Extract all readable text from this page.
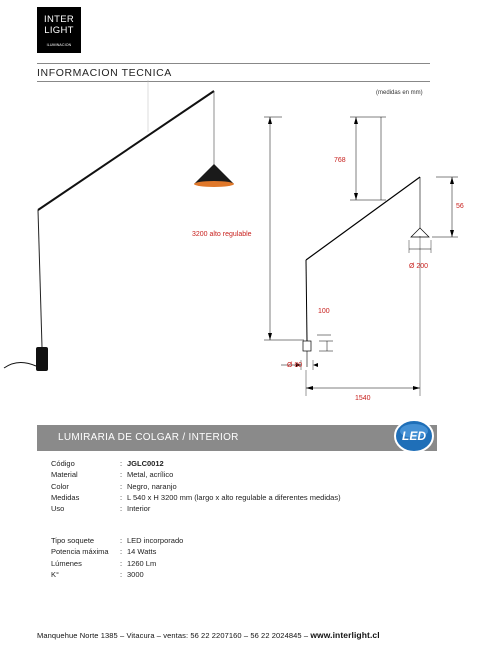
INTER
LIGHT
ILUMINACION
INFORMACION TECNICA
(medidas en mm)
3200 alto regulable
768
56
Ø 200
100
Ø 80
1540
LUMIRARIA DE COLGAR / INTERIOR	LED
Código	: JGLC0012
Material	: Metal, acrílico
Color	: Negro, naranjo
Medidas	: L 540 x H 3200 mm (largo x alto regulable a diferentes medidas)
Uso	: Interior
Tipo soquete	: LED incorporado
Potencia máxima	: 14 Watts
Lúmenes	: 1260 Lm
K°	: 3000
Manquehue Norte 1385 – Vitacura – ventas: 56 22 2207160 – 56 22 2024845 – www.interlight.cl
